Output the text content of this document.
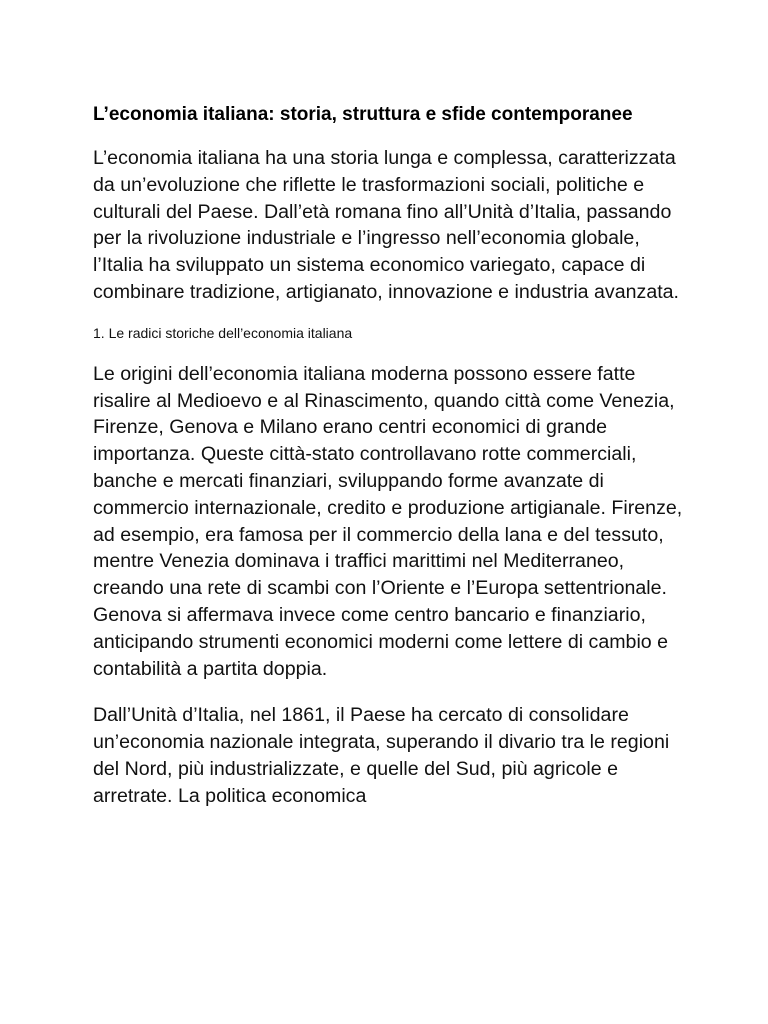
L’economia italiana: storia, struttura e sfide contemporanee

L’economia italiana ha una storia lunga e complessa, caratterizzata da un’evoluzione che riflette le trasformazioni sociali, politiche e culturali del Paese. Dall’età romana fino all’Unità d’Italia, passando per la rivoluzione industriale e l’ingresso nell’economia globale, l’Italia ha sviluppato un sistema economico variegato, capace di combinare tradizione, artigianato, innovazione e industria avanzata.

1. Le radici storiche dell’economia italiana

Le origini dell’economia italiana moderna possono essere fatte risalire al Medioevo e al Rinascimento, quando città come Venezia, Firenze, Genova e Milano erano centri economici di grande importanza. Queste città-stato controllavano rotte commerciali, banche e mercati finanziari, sviluppando forme avanzate di commercio internazionale, credito e produzione artigianale. Firenze, ad esempio, era famosa per il commercio della lana e del tessuto, mentre Venezia dominava i traffici marittimi nel Mediterraneo, creando una rete di scambi con l’Oriente e l’Europa settentrionale. Genova si affermava invece come centro bancario e finanziario, anticipando strumenti economici moderni come lettere di cambio e contabilità a partita doppia.

Dall’Unità d’Italia, nel 1861, il Paese ha cercato di consolidare un’economia nazionale integrata, superando il divario tra le regioni del Nord, più industrializzate, e quelle del Sud, più agricole e arretrate. La politica economica
